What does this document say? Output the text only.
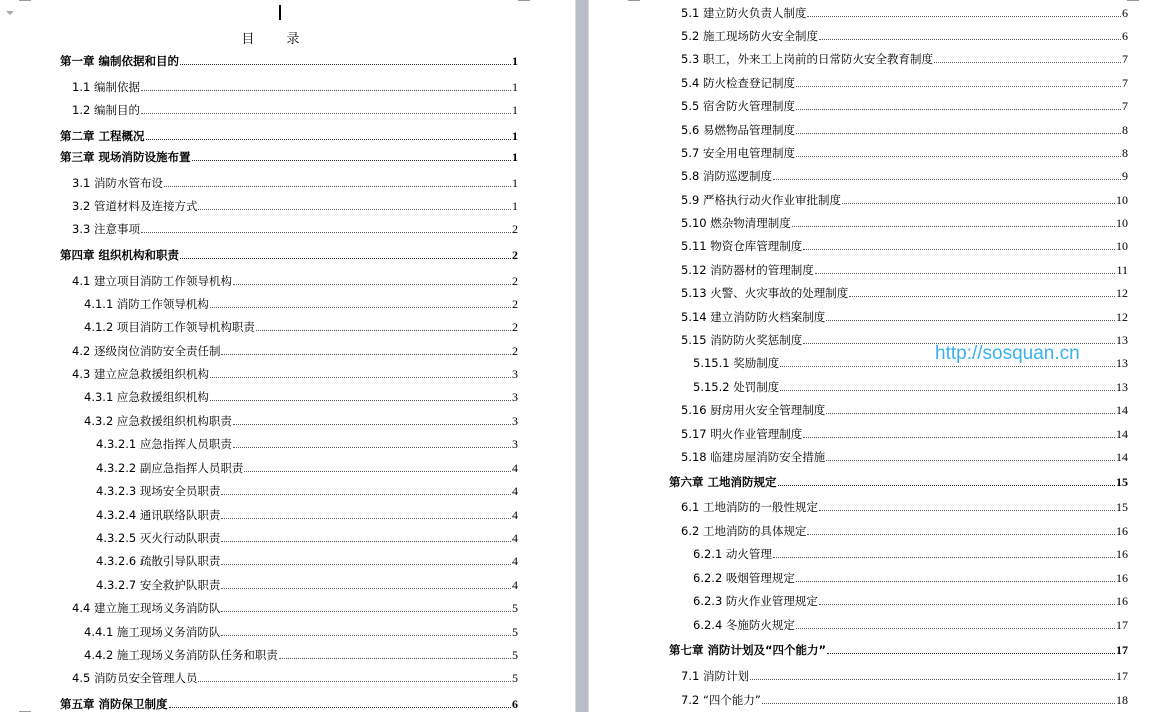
目 录
第一章 编制依据和目的	1
1.1 编制依据	1
1.2 编制目的	1
第二章 工程概况	1
第三章 现场消防设施布置	1
3.1 消防水管布设	1
3.2 管道材料及连接方式	1
3.3 注意事项	2
第四章 组织机构和职责	2
4.1 建立项目消防工作领导机构	2
4.1.1 消防工作领导机构	2
4.1.2 项目消防工作领导机构职责	2
4.2 逐级岗位消防安全责任制	2
4.3 建立应急救援组织机构	3
4.3.1 应急救援组织机构	3
4.3.2 应急救援组织机构职责	3
4.3.2.1 应急指挥人员职责	3
4.3.2.2 副应急指挥人员职责	4
4.3.2.3 现场安全员职责	4
4.3.2.4 通讯联络队职责	4
4.3.2.5 灭火行动队职责	4
4.3.2.6 疏散引导队职责	4
4.3.2.7 安全救护队职责	4
4.4 建立施工现场义务消防队	5
4.4.1 施工现场义务消防队	5
4.4.2 施工现场义务消防队任务和职责	5
4.5 消防员安全管理人员	5
第五章 消防保卫制度	6
5.1 建立防火负责人制度	6
5.2 施工现场防火安全制度	6
5.3 职工，外来工上岗前的日常防火安全教育制度	7
5.4 防火检查登记制度	7
5.5 宿舍防火管理制度	7
5.6 易燃物品管理制度	8
5.7 安全用电管理制度	8
5.8 消防巡逻制度	9
5.9 严格执行动火作业审批制度	10
5.10 燃杂物清理制度	10
5.11 物资仓库管理制度	10
5.12 消防器材的管理制度	11
5.13 火警、火灾事故的处理制度	12
5.14 建立消防防火档案制度	12
5.15 消防防火奖惩制度	13
5.15.1 奖励制度	13
5.15.2 处罚制度	13
5.16 厨房用火安全管理制度	14
5.17 明火作业管理制度	14
5.18 临建房屋消防安全措施	14
第六章 工地消防规定	15
6.1 工地消防的一般性规定	15
6.2 工地消防的具体规定	16
6.2.1 动火管理	16
6.2.2 吸烟管理规定	16
6.2.3 防火作业管理规定	16
6.2.4 冬施防火规定	17
第七章 消防计划及“四个能力”	17
7.1 消防计划	17
7.2 “四个能力”	18
http://sosquan.cn
